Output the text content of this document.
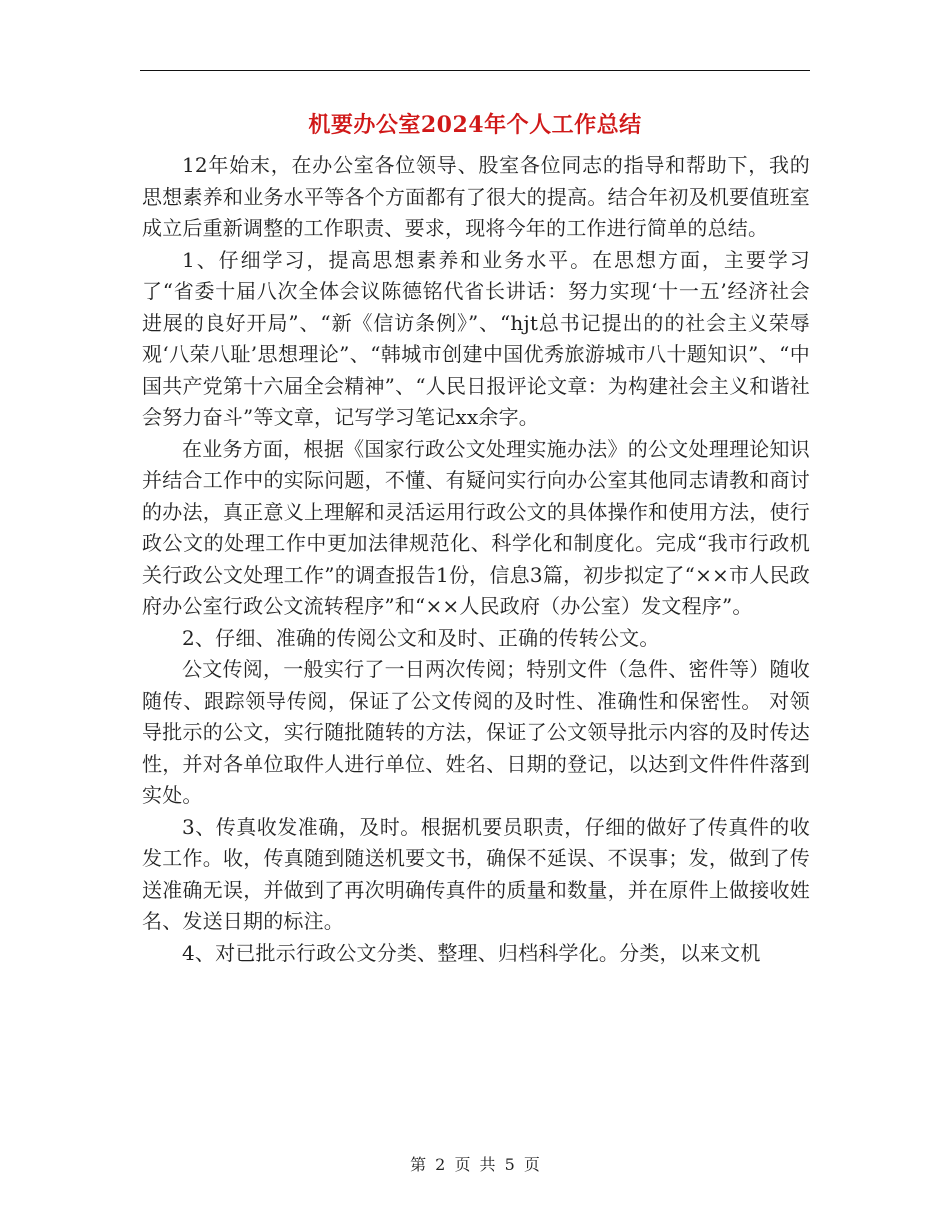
机要办公室2024年个人工作总结

12年始末，在办公室各位领导、股室各位同志的指导和帮助下，我的思想素养和业务水平等各个方面都有了很大的提高。结合年初及机要值班室成立后重新调整的工作职责、要求，现将今年的工作进行简单的总结。

1、仔细学习，提高思想素养和业务水平。在思想方面，主要学习了“省委十届八次全体会议陈德铭代省长讲话：努力实现‘十一五’经济社会进展的良好开局”、“新《信访条例》”、“hjt总书记提出的的社会主义荣辱观‘八荣八耻’思想理论”、“韩城市创建中国优秀旅游城市八十题知识”、“中国共产党第十六届全会精神”、“人民日报评论文章：为构建社会主义和谐社会努力奋斗”等文章，记写学习笔记xx余字。

在业务方面，根据《国家行政公文处理实施办法》的公文处理理论知识并结合工作中的实际问题，不懂、有疑问实行向办公室其他同志请教和商讨的办法，真正意义上理解和灵活运用行政公文的具体操作和使用方法，使行政公文的处理工作中更加法律规范化、科学化和制度化。完成“我市行政机关行政公文处理工作”的调查报告1份，信息3篇，初步拟定了“××市人民政府办公室行政公文流转程序”和“××人民政府（办公室）发文程序”。

2、仔细、准确的传阅公文和及时、正确的传转公文。

公文传阅，一般实行了一日两次传阅；特别文件（急件、密件等）随收随传、跟踪领导传阅，保证了公文传阅的及时性、准确性和保密性。 对领导批示的公文，实行随批随转的方法，保证了公文领导批示内容的及时传达性，并对各单位取件人进行单位、姓名、日期的登记，以达到文件件件落到实处。

3、传真收发准确，及时。根据机要员职责，仔细的做好了传真件的收发工作。收，传真随到随送机要文书，确保不延误、不误事；发，做到了传送准确无误，并做到了再次明确传真件的质量和数量，并在原件上做接收姓名、发送日期的标注。

4、对已批示行政公文分类、整理、归档科学化。分类，以来文机

第 2 页 共 5 页
